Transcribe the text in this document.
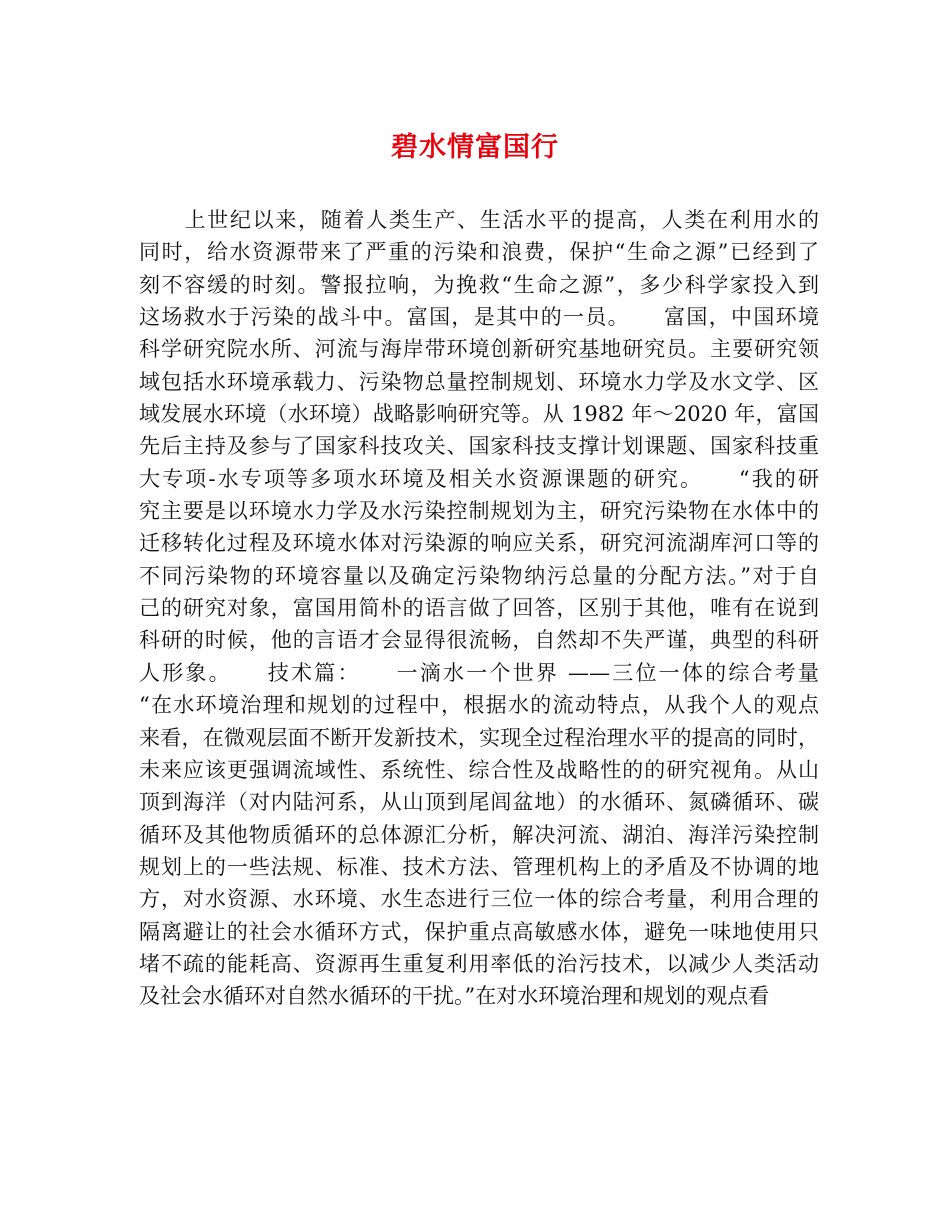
碧水情富国行
　　上世纪以来，随着人类生产、生活水平的提高，人类在利用水的
同时，给水资源带来了严重的污染和浪费，保护“生命之源”已经到了
刻不容缓的时刻。警报拉响，为挽救“生命之源”，多少科学家投入到
这场救水于污染的战斗中。富国，是其中的一员。　　富国，中国环境
科学研究院水所、河流与海岸带环境创新研究基地研究员。主要研究领
域包括水环境承载力、污染物总量控制规划、环境水力学及水文学、区
域发展水环境（水环境）战略影响研究等。从 1982 年～2020 年，富国
先后主持及参与了国家科技攻关、国家科技支撑计划课题、国家科技重
大专项-水专项等多项水环境及相关水资源课题的研究。　　“我的研
究主要是以环境水力学及水污染控制规划为主，研究污染物在水体中的
迁移转化过程及环境水体对污染源的响应关系，研究河流湖库河口等的
不同污染物的环境容量以及确定污染物纳污总量的分配方法。”对于自
己的研究对象，富国用简朴的语言做了回答，区别于其他，唯有在说到
科研的时候，他的言语才会显得很流畅，自然却不失严谨，典型的科研
人形象。　　技术篇：　　一滴水一个世界 ——三位一体的综合考量
“在水环境治理和规划的过程中，根据水的流动特点，从我个人的观点
来看，在微观层面不断开发新技术，实现全过程治理水平的提高的同时，
未来应该更强调流域性、系统性、综合性及战略性的的研究视角。从山
顶到海洋（对内陆河系，从山顶到尾闾盆地）的水循环、氮磷循环、碳
循环及其他物质循环的总体源汇分析，解决河流、湖泊、海洋污染控制
规划上的一些法规、标准、技术方法、管理机构上的矛盾及不协调的地
方，对水资源、水环境、水生态进行三位一体的综合考量，利用合理的
隔离避让的社会水循环方式，保护重点高敏感水体，避免一味地使用只
堵不疏的能耗高、资源再生重复利用率低的治污技术，以减少人类活动
及社会水循环对自然水循环的干扰。”在对水环境治理和规划的观点看
